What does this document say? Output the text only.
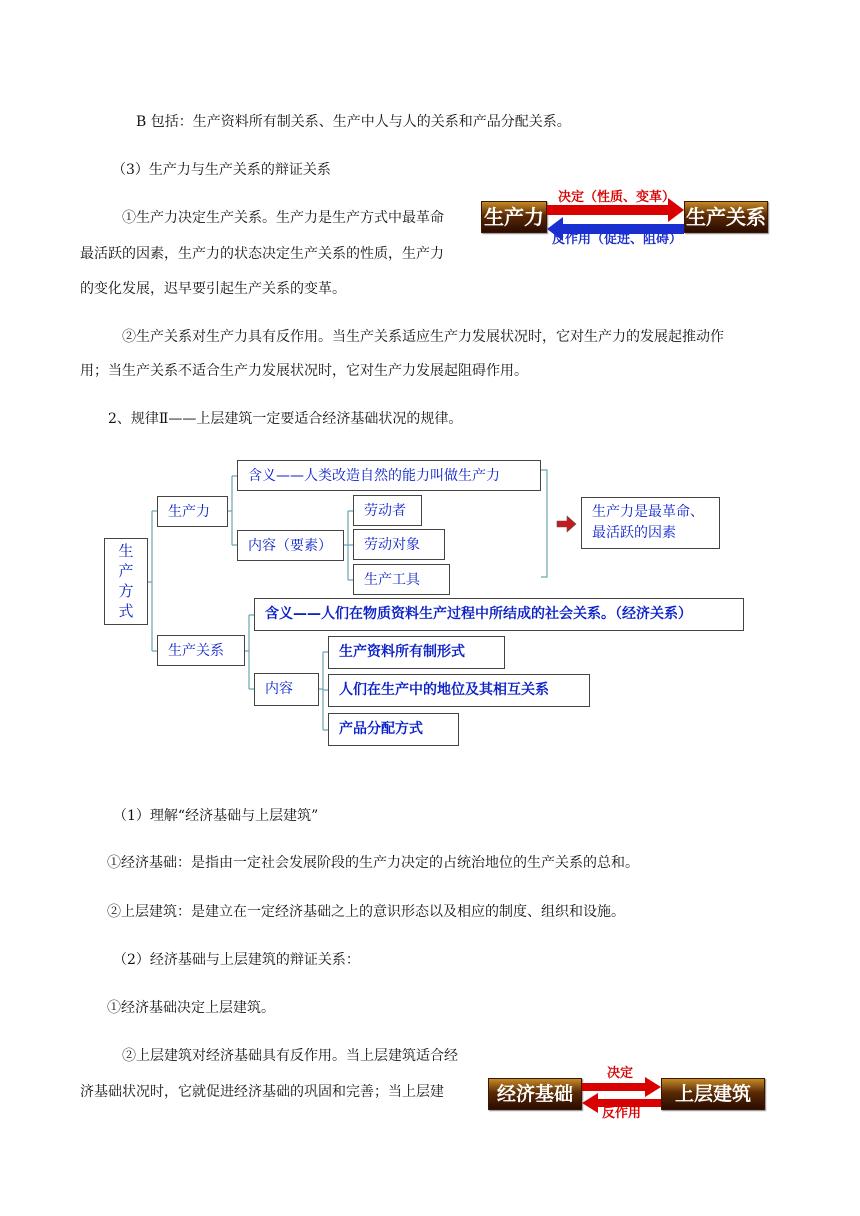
B 包括：生产资料所有制关系、生产中人与人的关系和产品分配关系。
（3）生产力与生产关系的辩证关系
①生产力决定生产关系。生产力是生产方式中最革命
最活跃的因素，生产力的状态决定生产关系的性质，生产力
的变化发展，迟早要引起生产关系的变革。
②生产关系对生产力具有反作用。当生产关系适应生产力发展状况时，它对生产力的发展起推动作
用；当生产关系不适合生产力发展状况时，它对生产力发展起阻碍作用。
2、规律Ⅱ——上层建筑一定要适合经济基础状况的规律。
生产力	生产关系
决定（性质、变革）
反作用（促进、阻碍）
生产方式
生产力
含义——人类改造自然的能力叫做生产力
内容（要素）
劳动者
劳动对象
生产工具
生产力是最革命、
最活跃的因素
含义——人们在物质资料生产过程中所结成的社会关系。（经济关系）
生产关系
内容
生产资料所有制形式
人们在生产中的地位及其相互关系
产品分配方式
（1）理解“经济基础与上层建筑”
①经济基础：是指由一定社会发展阶段的生产力决定的占统治地位的生产关系的总和。
②上层建筑：是建立在一定经济基础之上的意识形态以及相应的制度、组织和设施。
（2）经济基础与上层建筑的辩证关系：
①经济基础决定上层建筑。
②上层建筑对经济基础具有反作用。当上层建筑适合经
济基础状况时，它就促进经济基础的巩固和完善；当上层建	经济基础	上层建筑
决定
反作用
